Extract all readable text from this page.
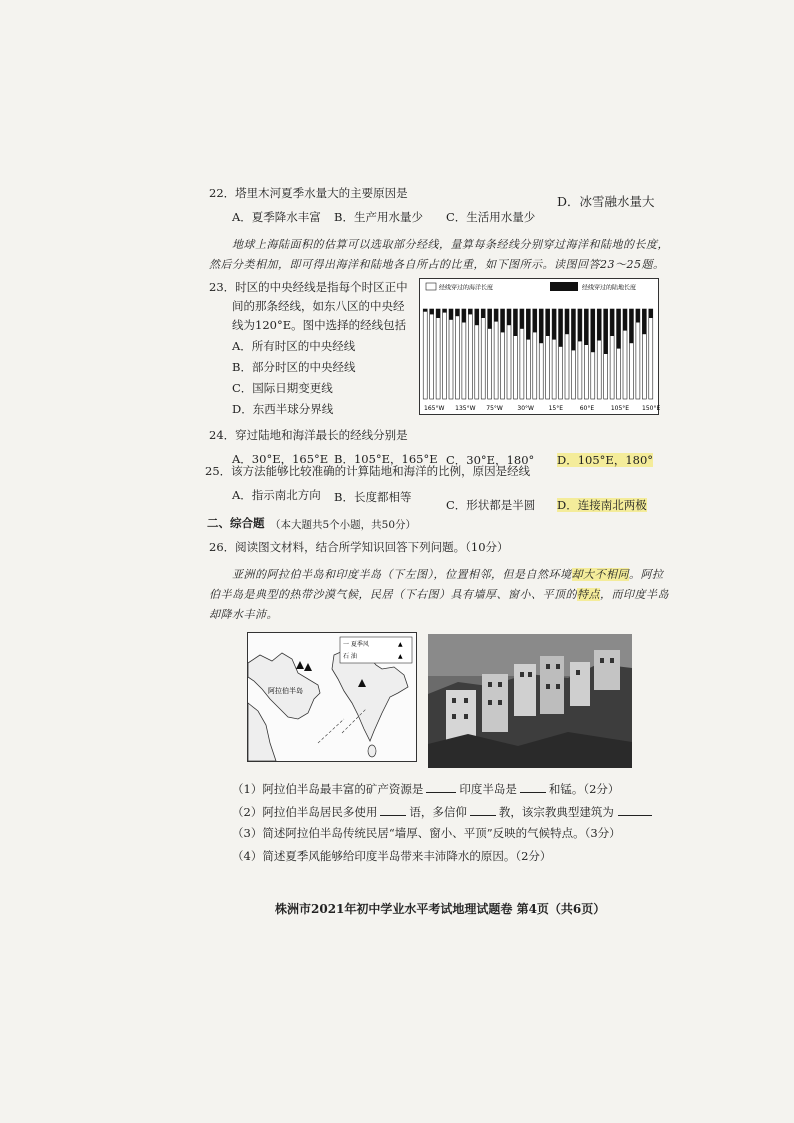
22．塔里木河夏季水量大的主要原因是
A．夏季降水丰富 B．生产用水量少 C．生活用水量少
D．冰雪融水量大
地球上海陆面积的估算可以选取部分经线，量算每条经线分别穿过海洋和陆地的长度，
然后分类相加，即可得出海洋和陆地各自所占的比重，如下图所示。读图回答23～25题。
23．时区的中央经线是指每个时区正中
间的那条经线，如东八区的中央经
线为120°E。图中选择的经线包括
A．所有时区的中央经线
B．部分时区的中央经线
C．国际日期变更线
D．东西半球分界线
经线穿过的海洋长度	经线穿过的陆地长度
165°W 135°W 75°W 30°W 15°E	60°E	105°E 150°E
24．穿过陆地和海洋最长的经线分别是
A．30°E，165°E B．105°E，165°E C．30°E，180° D．105°E，180°
25．该方法能够比较准确的计算陆地和海洋的比例，原因是经线
A．指示南北方向 B．长度都相等
C．形状都是半圆 D．连接南北两极
二、综合题 （本大题共5个小题，共50分）
26．阅读图文材料，结合所学知识回答下列问题。（10分）
亚洲的阿拉伯半岛和印度半岛（下左图），位置相邻，但是自然环境却大不相同。阿拉
伯半岛是典型的热带沙漠气候，民居（下右图）具有墙厚、窗小、平顶的特点，而印度半岛
却降水丰沛。
一 夏季风	▲
石 油	▲
阿拉伯半岛
（1）阿拉伯半岛最丰富的矿产资源是	印度半岛是	和锰。（2分）
（2）阿拉伯半岛居民多使用	语，多信仰	教，该宗教典型建筑为
（3）简述阿拉伯半岛传统民居“墙厚、窗小、平顶”反映的气候特点。（3分）
（4）简述夏季风能够给印度半岛带来丰沛降水的原因。（2分）
株洲市2021年初中学业水平考试地理试题卷 第4页（共6页）
